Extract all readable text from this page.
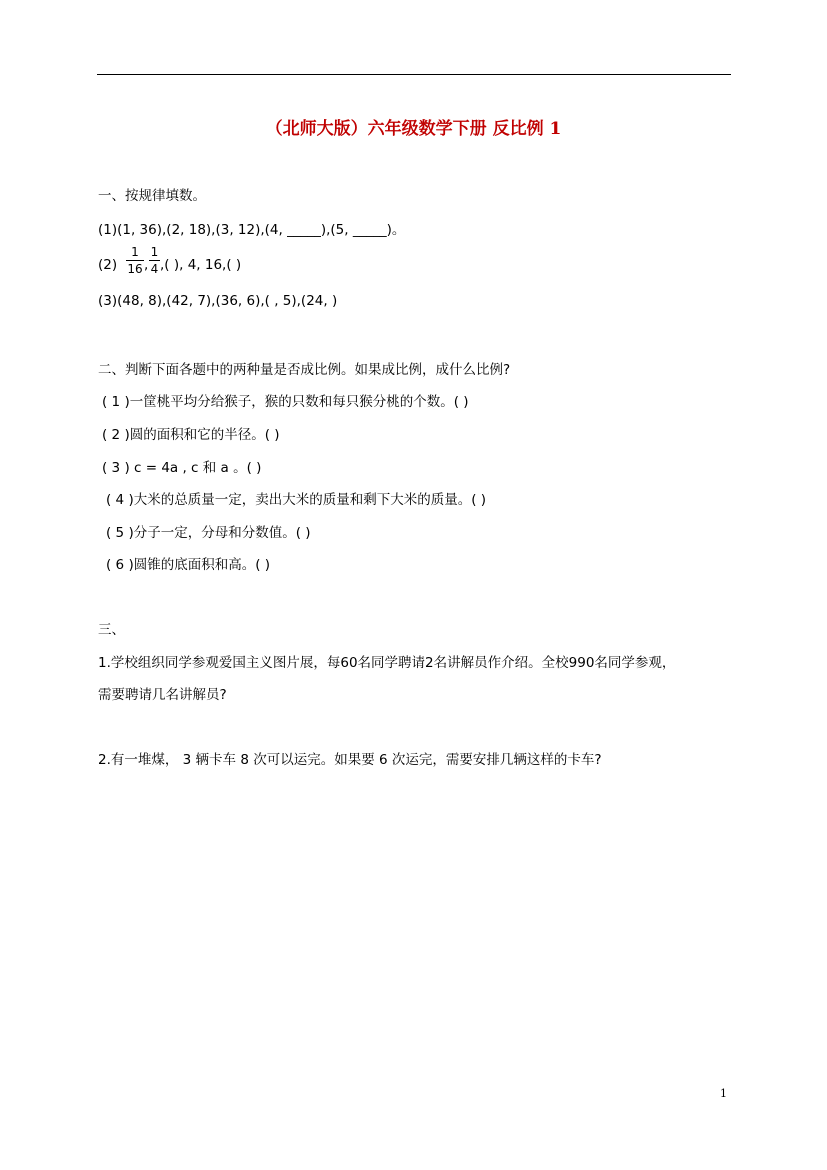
（北师大版）六年级数学下册 反比例 1
一、按规律填数。
(1)(1, 36),(2, 18),(3, 12),(4, _____),(5, _____)。
(2)
1
16 ,
1
4 ,( ), 4, 16,( )
(3)(48, 8),(42, 7),(36, 6),( , 5),(24, )
二、判断下面各题中的两种量是否成比例。如果成比例，成什么比例?
( 1 )一筐桃平均分给猴子，猴的只数和每只猴分桃的个数。( )
( 2 )圆的面积和它的半径。( )
( 3 ) c = 4a , c 和 a 。( )
( 4 )大米的总质量一定，卖出大米的质量和剩下大米的质量。( )
( 5 )分子一定，分母和分数值。( )
( 6 )圆锥的底面积和高。( )
三、
1.学校组织同学参观爱国主义图片展，每60名同学聘请2名讲解员作介绍。全校990名同学参观，
需要聘请几名讲解员?
2.有一堆煤， 3 辆卡车 8 次可以运完。如果要 6 次运完，需要安排几辆这样的卡车?
1
